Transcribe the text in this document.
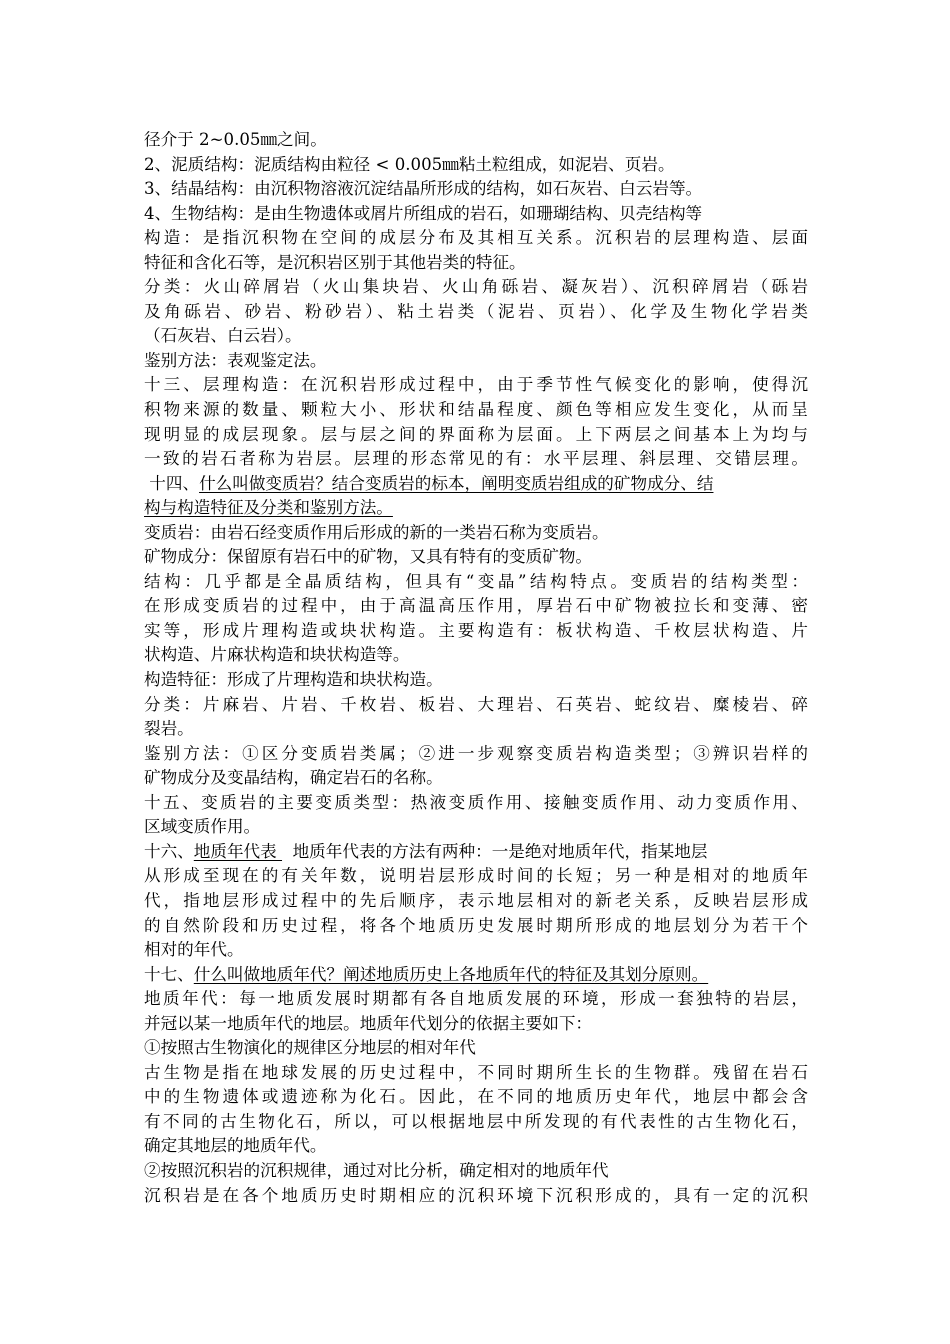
径介于 2~0.05㎜之间。
2、泥质结构：泥质结构由粒径 < 0.005㎜粘土粒组成，如泥岩、页岩。
3、结晶结构：由沉积物溶液沉淀结晶所形成的结构，如石灰岩、白云岩等。
4、生物结构：是由生物遗体或屑片所组成的岩石，如珊瑚结构、贝壳结构等
构造：是指沉积物在空间的成层分布及其相互关系。沉积岩的层理构造、层面
特征和含化石等，是沉积岩区别于其他岩类的特征。
分类：火山碎屑岩（火山集块岩、火山角砾岩、凝灰岩）、沉积碎屑岩（砾岩
及角砾岩、砂岩、粉砂岩）、粘土岩类（泥岩、页岩）、化学及生物化学岩类
（石灰岩、白云岩）。
鉴别方法：表观鉴定法。
十三、层理构造：在沉积岩形成过程中，由于季节性气候变化的影响，使得沉
积物来源的数量、颗粒大小、形状和结晶程度、颜色等相应发生变化，从而呈
现明显的成层现象。层与层之间的界面称为层面。上下两层之间基本上为均与
一致的岩石者称为岩层。层理的形态常见的有：水平层理、斜层理、交错层理。
十四、什么叫做变质岩？结合变质岩的标本，阐明变质岩组成的矿物成分、结
构与构造特征及分类和鉴别方法。
变质岩：由岩石经变质作用后形成的新的一类岩石称为变质岩。
矿物成分：保留原有岩石中的矿物，又具有特有的变质矿物。
结构：几乎都是全晶质结构，但具有“变晶”结构特点。变质岩的结构类型：
在形成变质岩的过程中，由于高温高压作用，厚岩石中矿物被拉长和变薄、密
实等，形成片理构造或块状构造。主要构造有：板状构造、千枚层状构造、片
状构造、片麻状构造和块状构造等。
构造特征：形成了片理构造和块状构造。
分类：片麻岩、片岩、千枚岩、板岩、大理岩、石英岩、蛇纹岩、糜棱岩、碎
裂岩。
鉴别方法：①区分变质岩类属；②进一步观察变质岩构造类型；③辨识岩样的
矿物成分及变晶结构，确定岩石的名称。
十五、变质岩的主要变质类型：热液变质作用、接触变质作用、动力变质作用、
区域变质作用。
十六、地质年代表   地质年代表的方法有两种：一是绝对地质年代，指某地层
从形成至现在的有关年数，说明岩层形成时间的长短；另一种是相对的地质年
代，指地层形成过程中的先后顺序，表示地层相对的新老关系，反映岩层形成
的自然阶段和历史过程，将各个地质历史发展时期所形成的地层划分为若干个
相对的年代。
十七、什么叫做地质年代？阐述地质历史上各地质年代的特征及其划分原则。
地质年代：每一地质发展时期都有各自地质发展的环境，形成一套独特的岩层，
并冠以某一地质年代的地层。地质年代划分的依据主要如下：
①按照古生物演化的规律区分地层的相对年代
古生物是指在地球发展的历史过程中，不同时期所生长的生物群。残留在岩石
中的生物遗体或遗迹称为化石。因此，在不同的地质历史年代，地层中都会含
有不同的古生物化石，所以，可以根据地层中所发现的有代表性的古生物化石，
确定其地层的地质年代。
②按照沉积岩的沉积规律，通过对比分析，确定相对的地质年代
沉积岩是在各个地质历史时期相应的沉积环境下沉积形成的，具有一定的沉积
